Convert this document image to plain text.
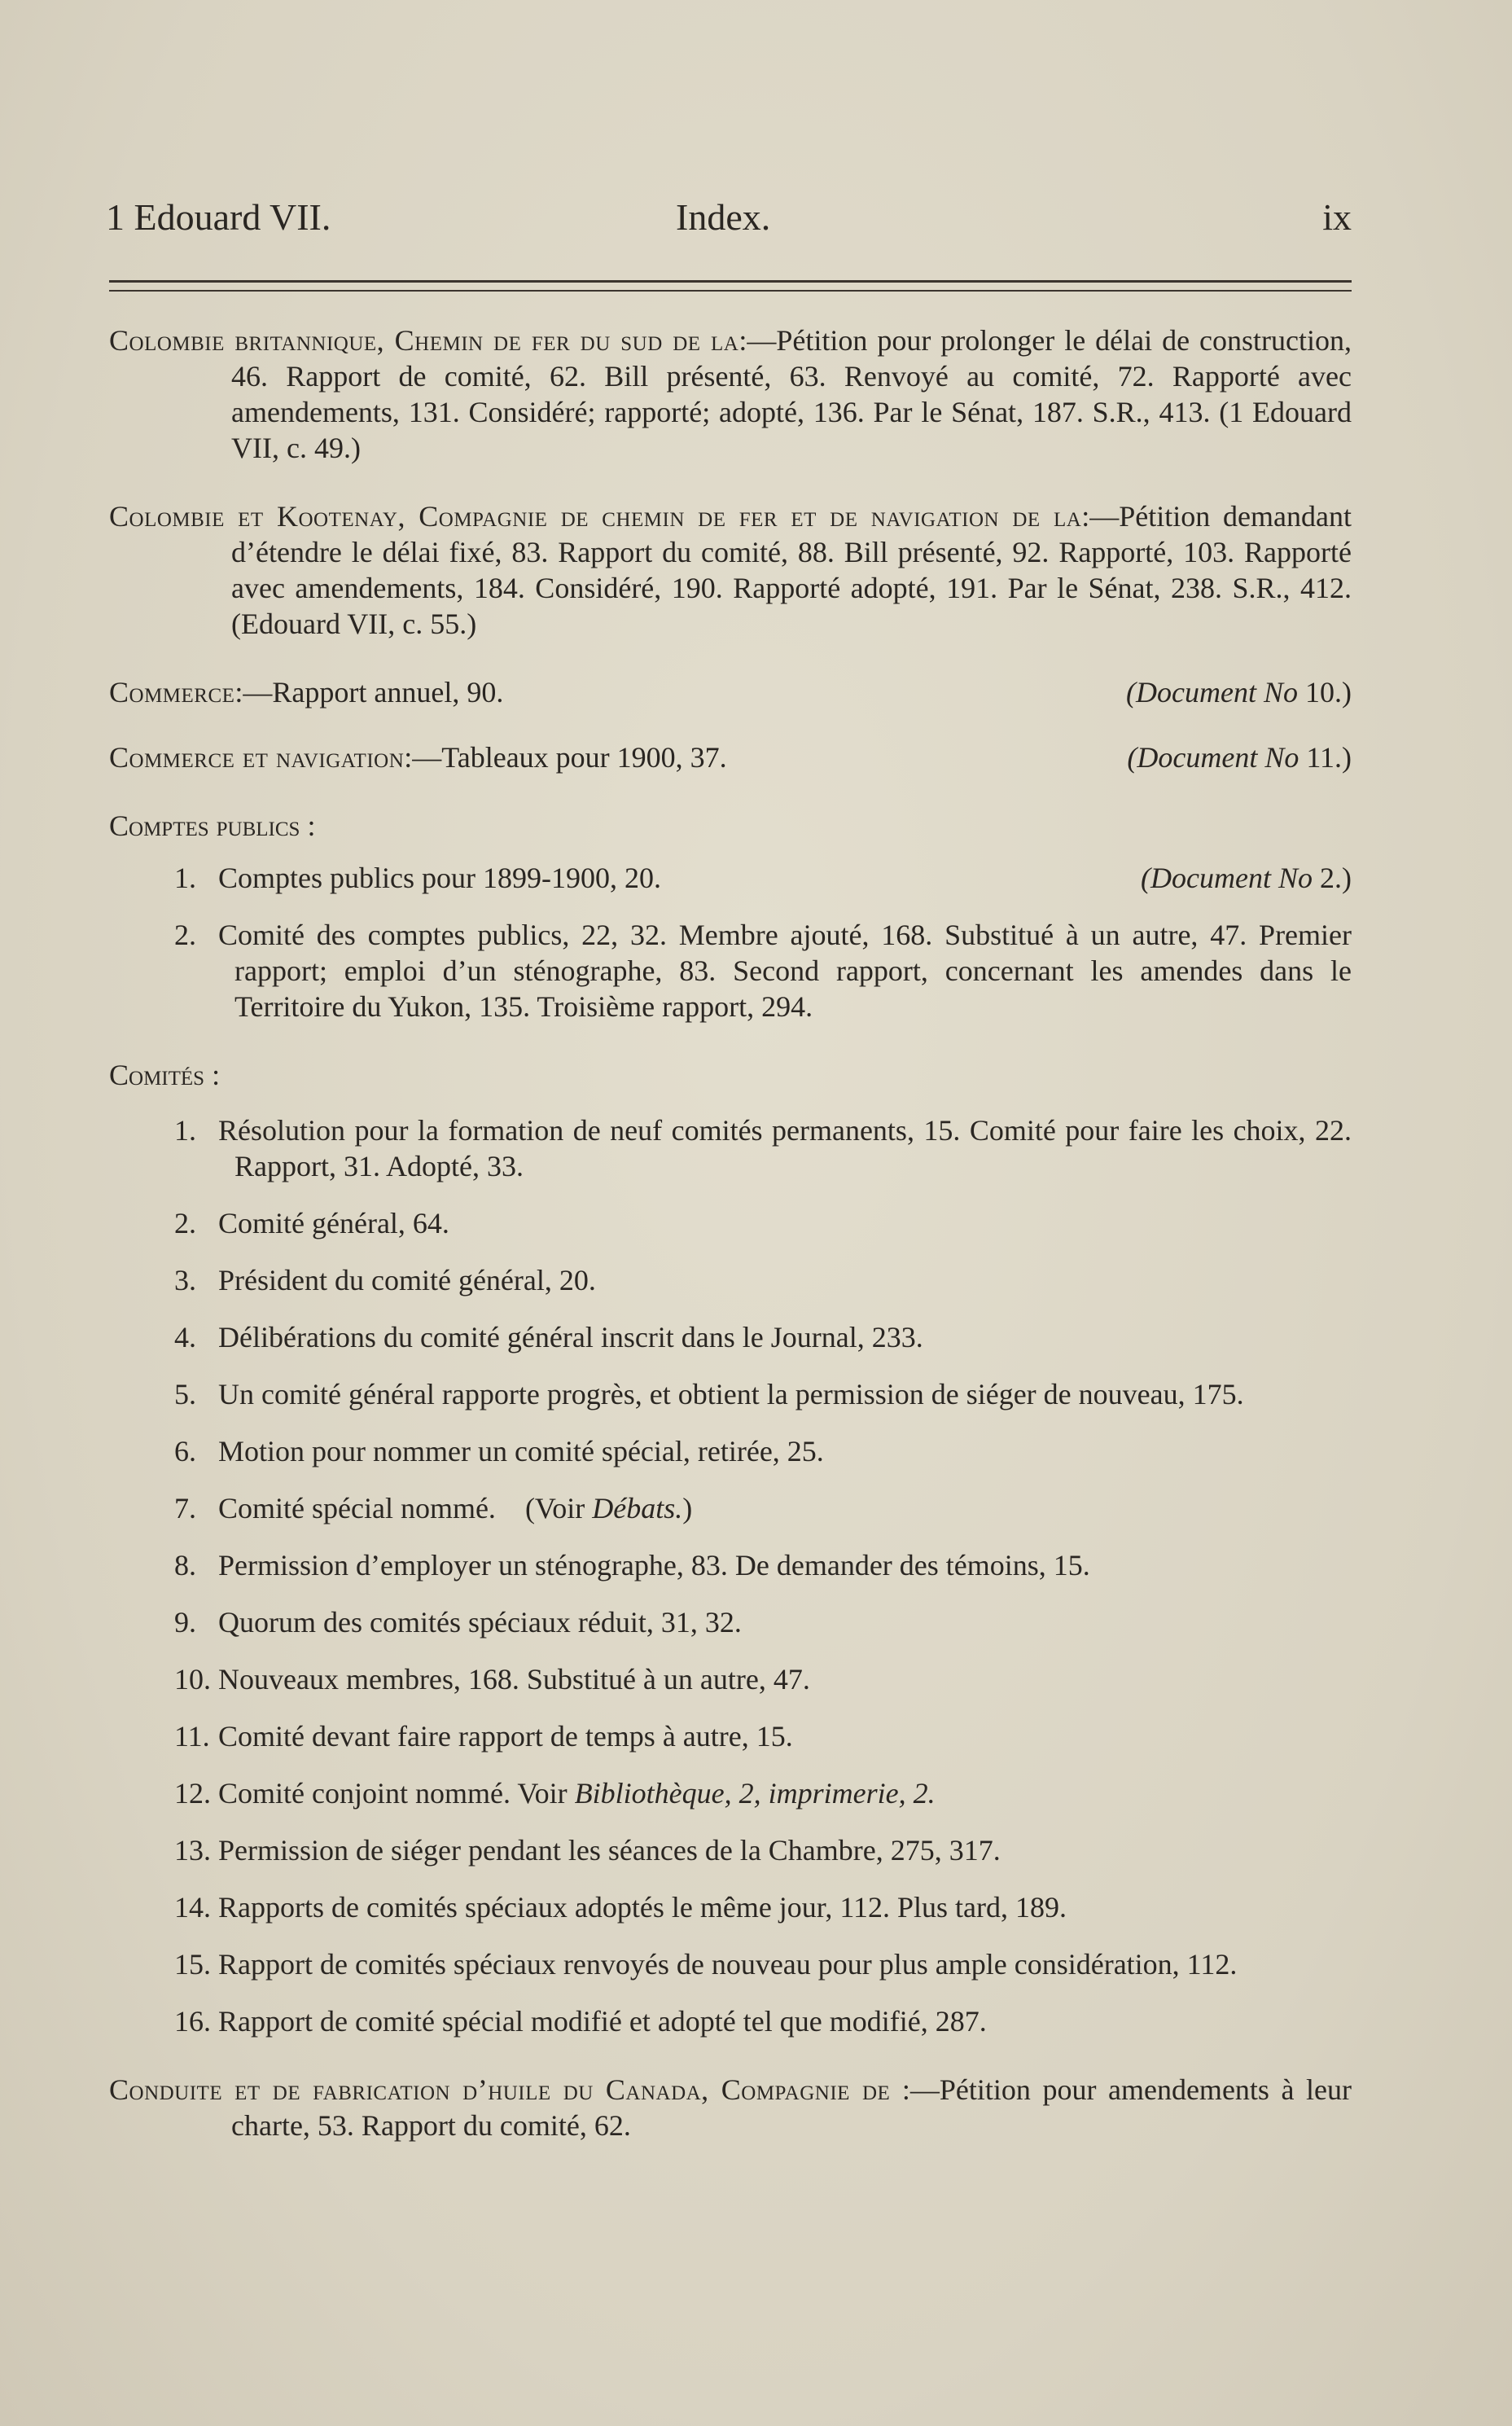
1 Edouard VII.	Index.	ix
Colombie britannique, Chemin de fer du sud de la:—Pétition pour prolonger le délai de construction, 46. Rapport de comité, 62. Bill présenté, 63. Renvoyé au comité, 72. Rapporté avec amendements, 131. Considéré; rapporté; adopté, 136. Par le Sénat, 187. S.R., 413. (1 Edouard VII, c. 49.)
Colombie et Kootenay, Compagnie de chemin de fer et de navigation de la:—Pétition demandant d’étendre le délai fixé, 83. Rapport du comité, 88. Bill présenté, 92. Rapporté, 103. Rapporté avec amendements, 184. Considéré, 190. Rapporté adopté, 191. Par le Sénat, 238. S.R., 412. (Edouard VII, c. 55.)
Commerce:—Rapport annuel, 90.	(Document No 10.)
Commerce et navigation:—Tableaux pour 1900, 37.	(Document No 11.)
Comptes publics :
1. Comptes publics pour 1899-1900, 20.	(Document No 2.)
2. Comité des comptes publics, 22, 32. Membre ajouté, 168. Substitué à un autre, 47. Premier rapport; emploi d’un sténographe, 83. Second rapport, concernant les amendes dans le Territoire du Yukon, 135. Troisième rapport, 294.
Comités :
1. Résolution pour la formation de neuf comités permanents, 15. Comité pour faire les choix, 22. Rapport, 31. Adopté, 33.
2. Comité général, 64.
3. Président du comité général, 20.
4. Délibérations du comité général inscrit dans le Journal, 233.
5. Un comité général rapporte progrès, et obtient la permission de siéger de nouveau, 175.
6. Motion pour nommer un comité spécial, retirée, 25.
7. Comité spécial nommé. (Voir Débats.)
8. Permission d’employer un sténographe, 83. De demander des témoins, 15.
9. Quorum des comités spéciaux réduit, 31, 32.
10. Nouveaux membres, 168. Substitué à un autre, 47.
11. Comité devant faire rapport de temps à autre, 15.
12. Comité conjoint nommé. Voir Bibliothèque, 2, imprimerie, 2.
13. Permission de siéger pendant les séances de la Chambre, 275, 317.
14. Rapports de comités spéciaux adoptés le même jour, 112. Plus tard, 189.
15. Rapport de comités spéciaux renvoyés de nouveau pour plus ample considération, 112.
16. Rapport de comité spécial modifié et adopté tel que modifié, 287.
Conduite et de fabrication d’huile du Canada, Compagnie de :—Pétition pour amendements à leur charte, 53. Rapport du comité, 62.
